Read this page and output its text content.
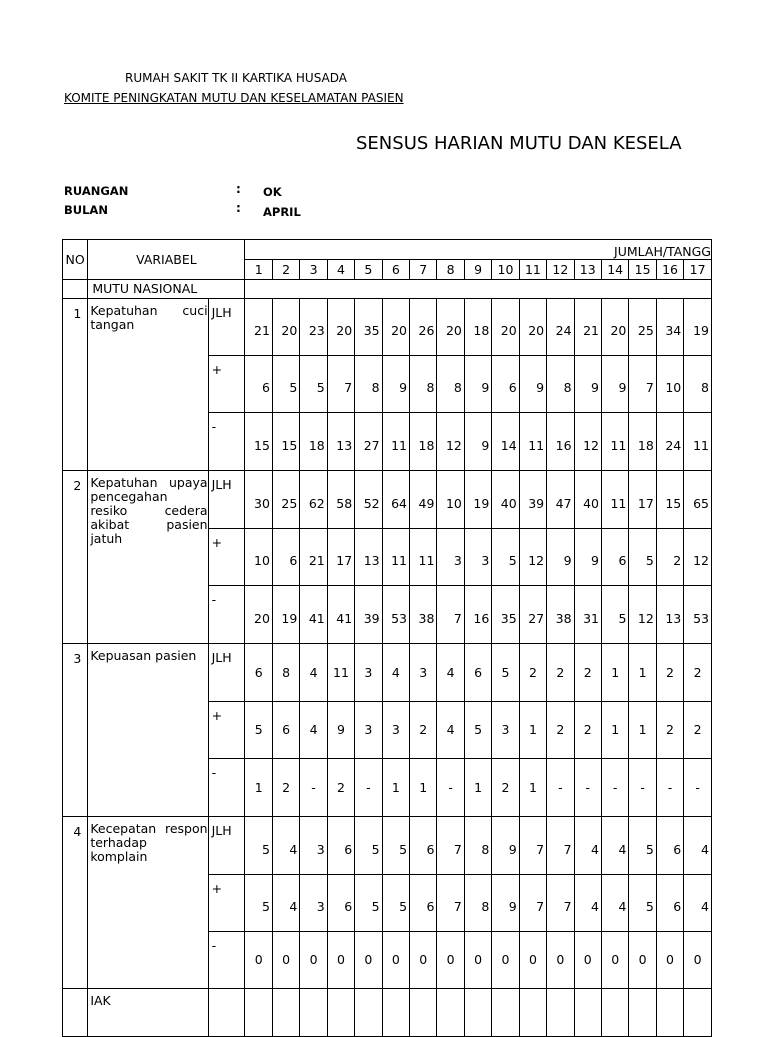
RUMAH SAKIT TK II KARTIKA HUSADA
KOMITE PENINGKATAN MUTU DAN KESELAMATAN PASIEN
SENSUS HARIAN MUTU DAN KESELA
RUANGAN	: OK
BULAN	: APRIL
NO	VARIABEL		JUMLAH/TANGG																
			1	2	3	4	5	6	7	8	9	10	11	12	13	14	15	16	17
	MUTU NASIONAL																		
1	Kepatuhan cuci tangan	JLH	21	20	23	20	35	20	26	20	18	20	20	24	21	20	25	34	19
		+	6	5	5	7	8	9	8	8	9	6	9	8	9	9	7	10	8
		-	15	15	18	13	27	11	18	12	9	14	11	16	12	11	18	24	11
2	Kepatuhan upaya pencegahan resiko cedera akibat pasien jatuh	JLH	30	25	62	58	52	64	49	10	19	40	39	47	40	11	17	15	65
		+	10	6	21	17	13	11	11	3	3	5	12	9	9	6	5	2	12
		-	20	19	41	41	39	53	38	7	16	35	27	38	31	5	12	13	53
3	Kepuasan pasien	JLH	6	8	4	11	3	4	3	4	6	5	2	2	2	1	1	2	2
		+	5	6	4	9	3	3	2	4	5	3	1	2	2	1	1	2	2
		-	1	2	-	2	-	1	1	-	1	2	1	-	-	-	-	-	-
4	Kecepatan respon terhadap komplain	JLH	5	4	3	6	5	5	6	7	8	9	7	7	4	4	5	6	4
		+	5	4	3	6	5	5	6	7	8	9	7	7	4	4	5	6	4
		-	0	0	0	0	0	0	0	0	0	0	0	0	0	0	0	0	0
	IAK																		
